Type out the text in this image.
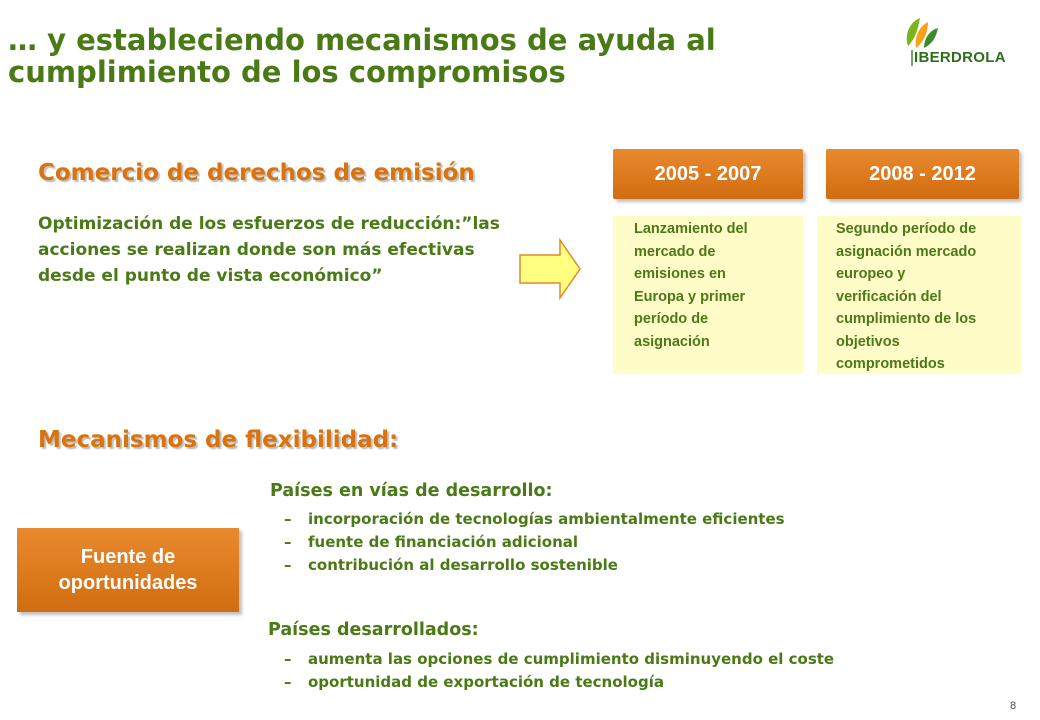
… y estableciendo mecanismos de ayuda al cumplimiento de los compromisos	IBERDROLA
Comercio de derechos de emisión
Optimización de los esfuerzos de reducción:”las acciones se realizan donde son más efectivas desde el punto de vista económico”
2005 - 2007
Lanzamiento del
mercado de
emisiones en
Europa y primer
período de
asignación
2008 - 2012
Segundo período de
asignación mercado
europeo y
verificación del
cumplimiento de los
objetivos
comprometidos
Mecanismos de flexibilidad:
Fuente de oportunidades
Países en vías de desarrollo:
– incorporación de tecnologías ambientalmente eficientes
– fuente de financiación adicional
– contribución al desarrollo sostenible
Países desarrollados:
– aumenta las opciones de cumplimiento disminuyendo el coste
– oportunidad de exportación de tecnología
8
